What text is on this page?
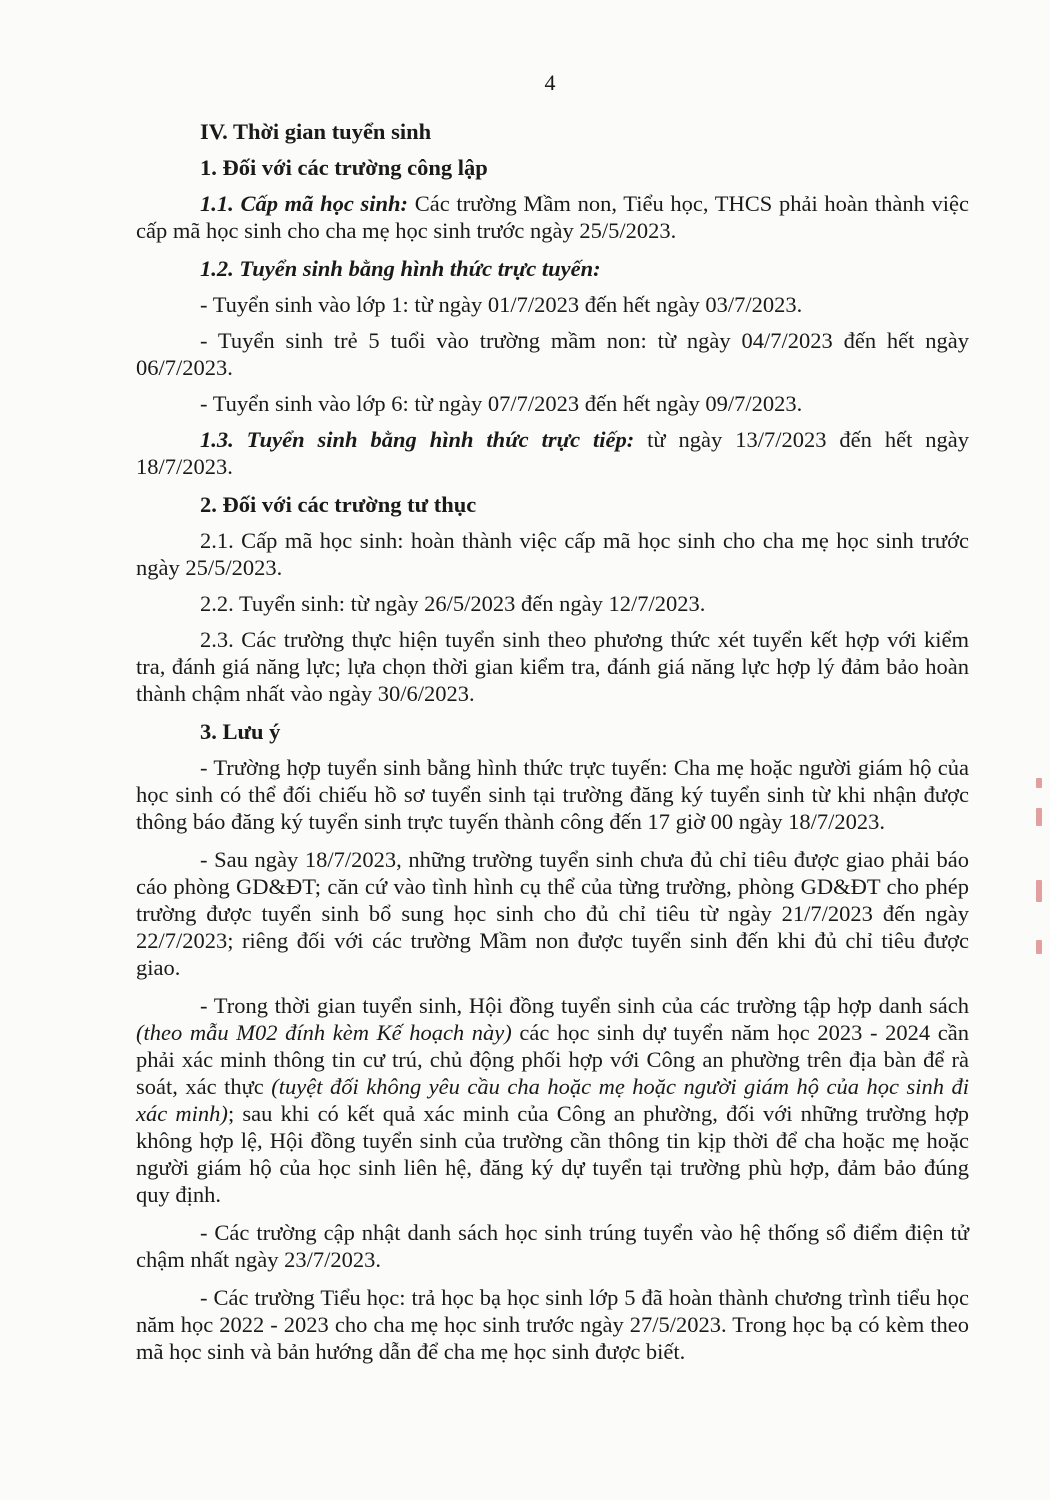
4

IV. Thời gian tuyển sinh

1. Đối với các trường công lập

1.1. Cấp mã học sinh: Các trường Mầm non, Tiểu học, THCS phải hoàn thành việc cấp mã học sinh cho cha mẹ học sinh trước ngày 25/5/2023.

1.2. Tuyển sinh bằng hình thức trực tuyến:

- Tuyển sinh vào lớp 1: từ ngày 01/7/2023 đến hết ngày 03/7/2023.

- Tuyển sinh trẻ 5 tuổi vào trường mầm non: từ ngày 04/7/2023 đến hết ngày 06/7/2023.

- Tuyển sinh vào lớp 6: từ ngày 07/7/2023 đến hết ngày 09/7/2023.

1.3. Tuyển sinh bằng hình thức trực tiếp: từ ngày 13/7/2023 đến hết ngày 18/7/2023.

2. Đối với các trường tư thục

2.1. Cấp mã học sinh: hoàn thành việc cấp mã học sinh cho cha mẹ học sinh trước ngày 25/5/2023.

2.2. Tuyển sinh: từ ngày 26/5/2023 đến ngày 12/7/2023.

2.3. Các trường thực hiện tuyển sinh theo phương thức xét tuyển kết hợp với kiểm tra, đánh giá năng lực; lựa chọn thời gian kiểm tra, đánh giá năng lực hợp lý đảm bảo hoàn thành chậm nhất vào ngày 30/6/2023.

3. Lưu ý

- Trường hợp tuyển sinh bằng hình thức trực tuyến: Cha mẹ hoặc người giám hộ của học sinh có thể đối chiếu hồ sơ tuyển sinh tại trường đăng ký tuyển sinh từ khi nhận được thông báo đăng ký tuyển sinh trực tuyến thành công đến 17 giờ 00 ngày 18/7/2023.

- Sau ngày 18/7/2023, những trường tuyển sinh chưa đủ chỉ tiêu được giao phải báo cáo phòng GD&ĐT; căn cứ vào tình hình cụ thể của từng trường, phòng GD&ĐT cho phép trường được tuyển sinh bổ sung học sinh cho đủ chỉ tiêu từ ngày 21/7/2023 đến ngày 22/7/2023; riêng đối với các trường Mầm non được tuyển sinh đến khi đủ chỉ tiêu được giao.

- Trong thời gian tuyển sinh, Hội đồng tuyển sinh của các trường tập hợp danh sách (theo mẫu M02 đính kèm Kế hoạch này) các học sinh dự tuyển năm học 2023 - 2024 cần phải xác minh thông tin cư trú, chủ động phối hợp với Công an phường trên địa bàn để rà soát, xác thực (tuyệt đối không yêu cầu cha hoặc mẹ hoặc người giám hộ của học sinh đi xác minh); sau khi có kết quả xác minh của Công an phường, đối với những trường hợp không hợp lệ, Hội đồng tuyển sinh của trường cần thông tin kịp thời để cha hoặc mẹ hoặc người giám hộ của học sinh liên hệ, đăng ký dự tuyển tại trường phù hợp, đảm bảo đúng quy định.

- Các trường cập nhật danh sách học sinh trúng tuyển vào hệ thống sổ điểm điện tử chậm nhất ngày 23/7/2023.

- Các trường Tiểu học: trả học bạ học sinh lớp 5 đã hoàn thành chương trình tiểu học năm học 2022 - 2023 cho cha mẹ học sinh trước ngày 27/5/2023. Trong học bạ có kèm theo mã học sinh và bản hướng dẫn để cha mẹ học sinh được biết.
